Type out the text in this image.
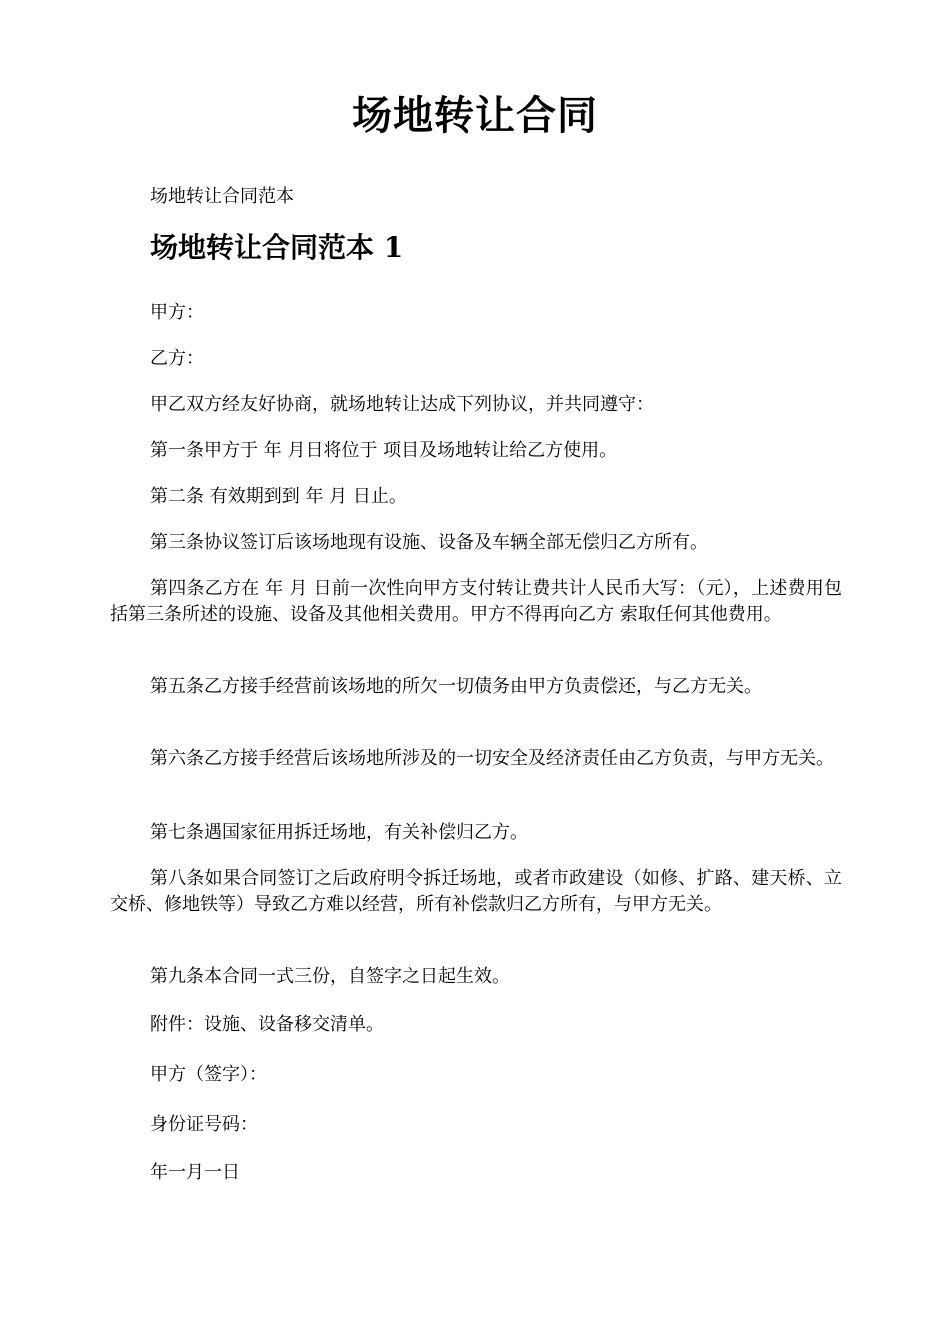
场地转让合同

场地转让合同范本

场地转让合同范本 1

甲方：

乙方：

甲乙双方经友好协商，就场地转让达成下列协议，并共同遵守：

第一条甲方于 年 月日将位于 项目及场地转让给乙方使用。

第二条 有效期到到 年 月 日止。

第三条协议签订后该场地现有设施、设备及车辆全部无偿归乙方所有。

第四条乙方在 年 月 日前一次性向甲方支付转让费共计人民币大写：（元），上述费用包括第三条所述的设施、设备及其他相关费用。甲方不得再向乙方 索取任何其他费用。

第五条乙方接手经营前该场地的所欠一切债务由甲方负责偿还，与乙方无关。

第六条乙方接手经营后该场地所涉及的一切安全及经济责任由乙方负责，与甲方无关。

第七条遇国家征用拆迁场地，有关补偿归乙方。

第八条如果合同签订之后政府明令拆迁场地，或者市政建设（如修、扩路、建天桥、立交桥、修地铁等）导致乙方难以经营，所有补偿款归乙方所有，与甲方无关。

第九条本合同一式三份，自签字之日起生效。

附件：设施、设备移交清单。

甲方（签字）：

身份证号码：

年一月一日
